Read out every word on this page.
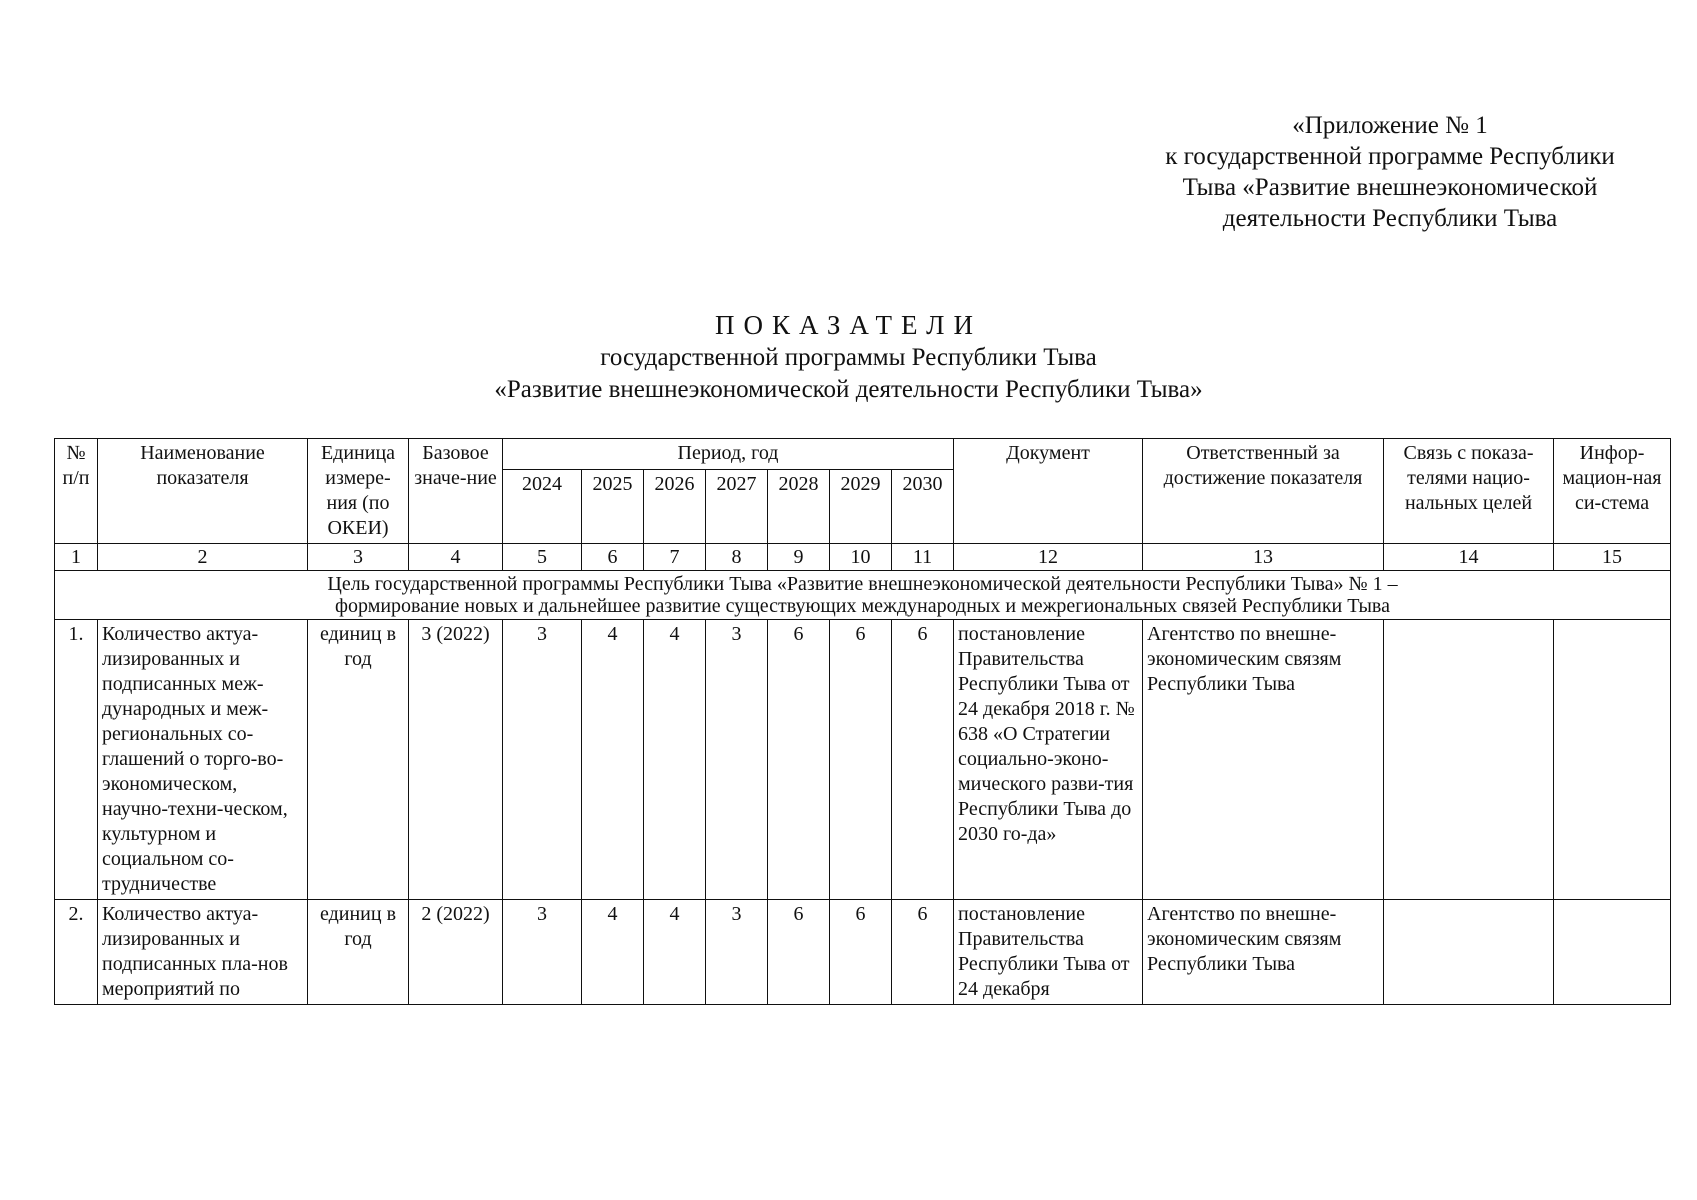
«Приложение № 1
к государственной программе Республики
Тыва «Развитие внешнеэкономической
деятельности Республики Тыва
ПОКАЗАТЕЛИ
государственной программы Республики Тыва
«Развитие внешнеэкономической деятельности Республики Тыва»
№ п/п	Наименование показателя	Единица измере-ния (по ОКЕИ)	Базовое значе-ние	Период, год							Документ	Ответственный за достижение показателя	Связь с показа-телями нацио-нальных целей	Инфор-мацион-ная си-стема
				2024	2025	2026	2027	2028	2029	2030				
1	2	3	4	5	6	7	8	9	10	11	12	13	14	15

Цель государственной программы Республики Тыва «Развитие внешнеэкономической деятельности Республики Тыва» № 1 –
формирование новых и дальнейшее развитие существующих международных и межрегиональных связей Республики Тыва														

1.	Количество актуа-лизированных и подписанных меж-дународных и меж-региональных со-глашений о торго-во-экономическом, научно-техни-ческом, культурном и социальном со-трудничестве	единиц в год	3 (2022)	3	4	4	3	6	6	6	постановление Правительства Республики Тыва от 24 декабря 2018 г. № 638 «О Стратегии социально-эконо-мического разви-тия Республики Тыва до 2030 го-да»	Агентство по внешне-экономическим связям Республики Тыва		
2.	Количество актуа-лизированных и подписанных пла-нов мероприятий по	единиц в год	2 (2022)	3	4	4	3	6	6	6	постановление Правительства Республики Тыва от 24 декабря	Агентство по внешне-экономическим связям Республики Тыва		
